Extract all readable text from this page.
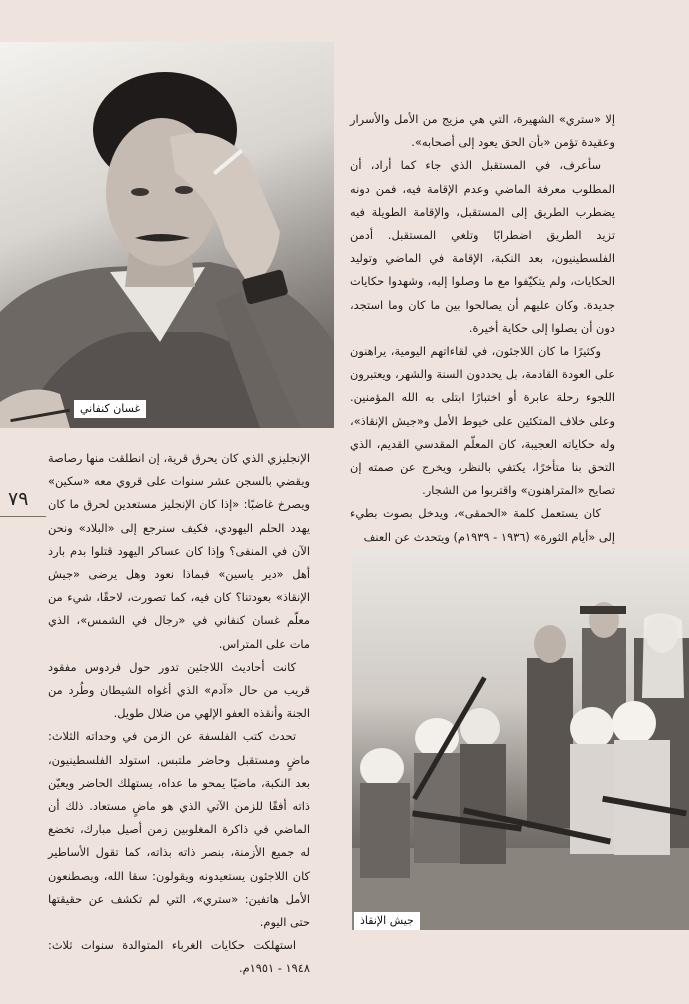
غسان كنفاني
جيش الإنقاذ
٧٩

إلا «ستري» الشهيرة، التي هي مزيج من الأمل والأسرار وعقيدة تؤمن «بأن الحق يعود إلى أصحابه».

سأعرف، في المستقبل الذي جاء كما أراد، أن المطلوب معرفة الماضي وعدم الإقامة فيه، فمن دونه يضطرب الطريق إلى المستقبل، والإقامة الطويلة فيه تزيد الطريق اضطرابًا وتلغي المستقبل. أدمن الفلسطينيون، بعد النكبة، الإقامة في الماضي وتوليد الحكايات، ولم يتكيّفوا مع ما وصلوا إليه، وشهدوا حكايات جديدة. وكان عليهم أن يصالحوا بين ما كان وما استجد، دون أن يصلوا إلى حكاية أخيرة.

وكثيرًا ما كان اللاجئون، في لقاءاتهم اليومية، يراهنون على العودة القادمة، بل يحددون السنة والشهر، ويعتبرون اللجوء رحلة عابرة أو اختبارًا ابتلى به الله المؤمنين. وعلى خلاف المتكئين على خيوط الأمل و«جيش الإنقاذ»، وله حكاياته العجيبة، كان المعلّم المقدسي القديم، الذي التحق بنا متأخرًا، يكتفي بالنظر، ويخرج عن صمته إن تصايح «المتراهنون» واقتربوا من الشجار.

كان يستعمل كلمة «الحمقى»، ويدخل بصوت بطيء إلى «أيام الثورة» (١٩٣٦ - ١٩٣٩م) ويتحدث عن العنف

الإنجليزي الذي كان يحرق قرية، إن انطلقت منها رصاصة ويقضي بالسجن عشر سنوات على قروي معه «سكين» ويصرخ غاضبًا: «إذا كان الإنجليز مستعدين لحرق ما كان يهدد الحلم اليهودي، فكيف سنرجع إلى «البلاد» ونحن الآن في المنفى؟ وإذا كان عساكر اليهود قتلوا بدم بارد أهل «دير ياسين» فبماذا نعود وهل يرضى «جيش الإنقاذ» بعودتنا؟ كان فيه، كما تصورت، لاحقًا، شيء من معلّم غسان كنفاني في «رجال في الشمس»، الذي مات على المتراس.

كانت أحاديث اللاجئين تدور حول فردوس مفقود قريب من حال «آدم» الذي أغواه الشيطان وطُرد من الجنة وأنقذه العفو الإلهي من ضلال طويل.

تحدث كتب الفلسفة عن الزمن في وحداته الثلاث: ماضٍ ومستقبل وحاضر ملتبس. استولد الفلسطينيون، بعد النكبة، ماضيًا يمحو ما عداه، يستهلك الحاضر ويعيّن ذاته أفقًا للزمن الآتي الذي هو ماضٍ مستعاد. ذلك أن الماضي في ذاكرة المغلوبين زمن أصيل مبارك، تخضع له جميع الأزمنة، بنصر ذاته بذاته، كما تقول الأساطير كان اللاجئون يستعيدونه ويقولون: سقا الله، ويصطنعون الأمل هاتفين: «ستري»، التي لم تكشف عن حقيقتها حتى اليوم.

استهلكت حكايات الغرباء المتوالدة سنوات ثلاث: ١٩٤٨ - ١٩٥١م.
